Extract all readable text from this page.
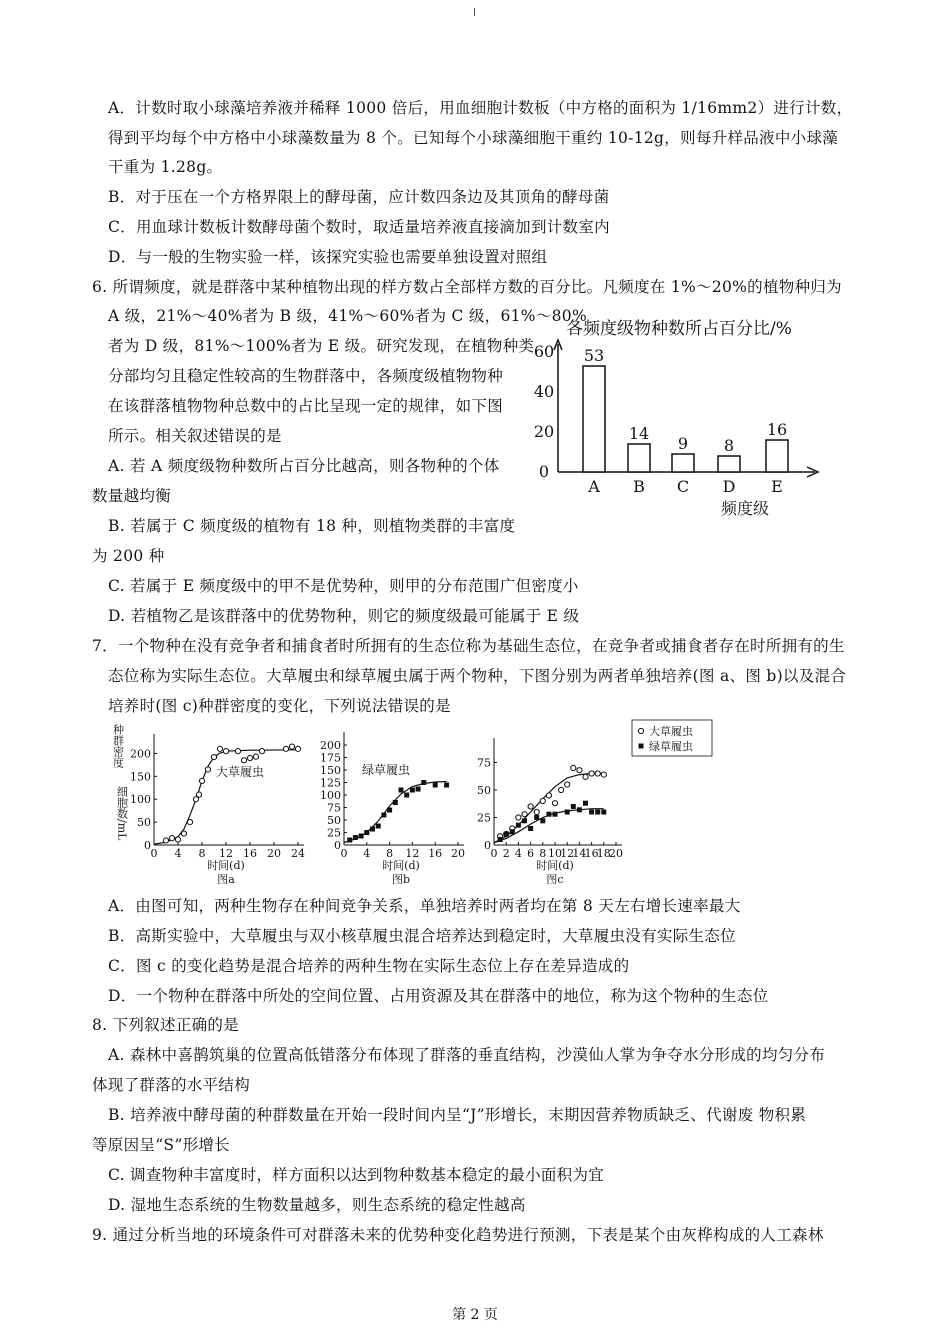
A．计数时取小球藻培养液并稀释 1000 倍后，用血细胞计数板（中方格的面积为 1/16mm2）进行计数，
得到平均每个中方格中小球藻数量为 8 个。已知每个小球藻细胞干重约 10-12g，则每升样品液中小球藻
干重为 1.28g。
B．对于压在一个方格界限上的酵母菌，应计数四条边及其顶角的酵母菌
C．用血球计数板计数酵母菌个数时，取适量培养液直接滴加到计数室内
D．与一般的生物实验一样，该探究实验也需要单独设置对照组
6. 所谓频度，就是群落中某种植物出现的样方数占全部样方数的百分比。凡频度在 1%～20%的植物种归为
A 级，21%～40%者为 B 级，41%～60%者为 C 级，61%～80%
者为 D 级，81%～100%者为 E 级。研究发现，在植物种类
分部均匀且稳定性较高的生物群落中，各频度级植物物种
在该群落植物物种总数中的占比呈现一定的规律，如下图
所示。相关叙述错误的是
A. 若 A 频度级物种数所占百分比越高，则各物种的个体
数量越均衡
B. 若属于 C 频度级的植物有 18 种，则植物类群的丰富度
为 200 种
C. 若属于 E 频度级中的甲不是优势种，则甲的分布范围广但密度小
D. 若植物乙是该群落中的优势物种，则它的频度级最可能属于 E 级
各频度级物种数所占百分比/%
0
20
40
60 53
A
14
B
9
C
8
D
16
E
频度级
7．一个物种在没有竞争者和捕食者时所拥有的生态位称为基础生态位，在竞争者或捕食者存在时所拥有的生
态位称为实际生态位。大草履虫和绿草履虫属于两个物种，下图分别为两者单独培养(图 a、图 b)以及混合
培养时(图 c)种群密度的变化，下列说法错误的是
0 4 8 12 16 20 24
0
50
100
150
200
时间(d)
图a
大草履虫
种群密度
细胞数/mL
0 4 8 12 16 20
0
25
50
75
100
125
150
175
200
时间(d)
图b
绿草履虫
0 2 4 6 8 10
12
14
16
18
20
0
25
50
75
时间(d)
图c
大草履虫
绿草履虫
A．由图可知，两种生物存在种间竞争关系，单独培养时两者均在第 8 天左右增长速率最大
B．高斯实验中，大草履虫与双小核草履虫混合培养达到稳定时，大草履虫没有实际生态位
C．图 c 的变化趋势是混合培养的两种生物在实际生态位上存在差异造成的
D．一个物种在群落中所处的空间位置、占用资源及其在群落中的地位，称为这个物种的生态位
8. 下列叙述正确的是
A. 森林中喜鹊筑巢的位置高低错落分布体现了群落的垂直结构，沙漠仙人掌为争夺水分形成的均匀分布
体现了群落的水平结构
B. 培养液中酵母菌的种群数量在开始一段时间内呈“J”形增长，末期因营养物质缺乏、代谢废 物积累
等原因呈“S”形增长
C. 调查物种丰富度时，样方面积以达到物种数基本稳定的最小面积为宜
D. 湿地生态系统的生物数量越多，则生态系统的稳定性越高
9. 通过分析当地的环境条件可对群落未来的优势种变化趋势进行预测，下表是某个由灰桦构成的人工森林
第 2 页
